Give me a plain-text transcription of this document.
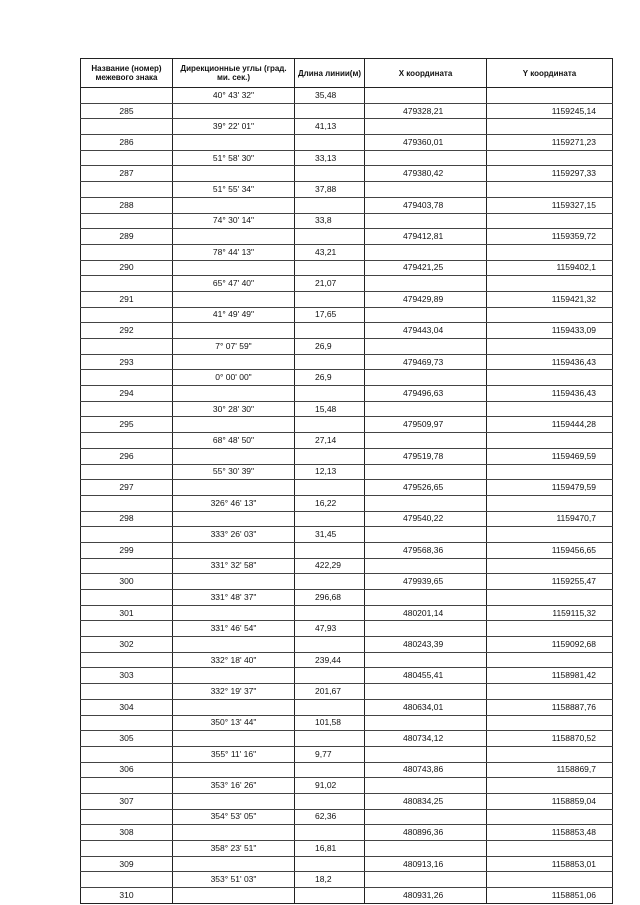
Название (номер) межевого знака	Дирекционные углы (град. ми. сек.)	Длина линии(м)	X координата	Y координата
	40° 43' 32"	35,48		
285			479328,21	1159245,14
	39° 22' 01"	41,13		
286			479360,01	1159271,23
	51° 58' 30"	33,13		
287			479380,42	1159297,33
	51° 55' 34"	37,88		
288			479403,78	1159327,15
	74° 30' 14"	33,8		
289			479412,81	1159359,72
	78° 44' 13"	43,21		
290			479421,25	1159402,1
	65° 47' 40"	21,07		
291			479429,89	1159421,32
	41° 49' 49"	17,65		
292			479443,04	1159433,09
	7° 07' 59"	26,9		
293			479469,73	1159436,43
	0° 00' 00"	26,9		
294			479496,63	1159436,43
	30° 28' 30"	15,48		
295			479509,97	1159444,28
	68° 48' 50"	27,14		
296			479519,78	1159469,59
	55° 30' 39"	12,13		
297			479526,65	1159479,59
	326° 46' 13"	16,22		
298			479540,22	1159470,7
	333° 26' 03"	31,45		
299			479568,36	1159456,65
	331° 32' 58"	422,29		
300			479939,65	1159255,47
	331° 48' 37"	296,68		
301			480201,14	1159115,32
	331° 46' 54"	47,93		
302			480243,39	1159092,68
	332° 18' 40"	239,44		
303			480455,41	1158981,42
	332° 19' 37"	201,67		
304			480634,01	1158887,76
	350° 13' 44"	101,58		
305			480734,12	1158870,52
	355° 11' 16"	9,77		
306			480743,86	1158869,7
	353° 16' 26"	91,02		
307			480834,25	1158859,04
	354° 53' 05"	62,36		
308			480896,36	1158853,48
	358° 23' 51"	16,81		
309			480913,16	1158853,01
	353° 51' 03"	18,2		
310			480931,26	1158851,06
